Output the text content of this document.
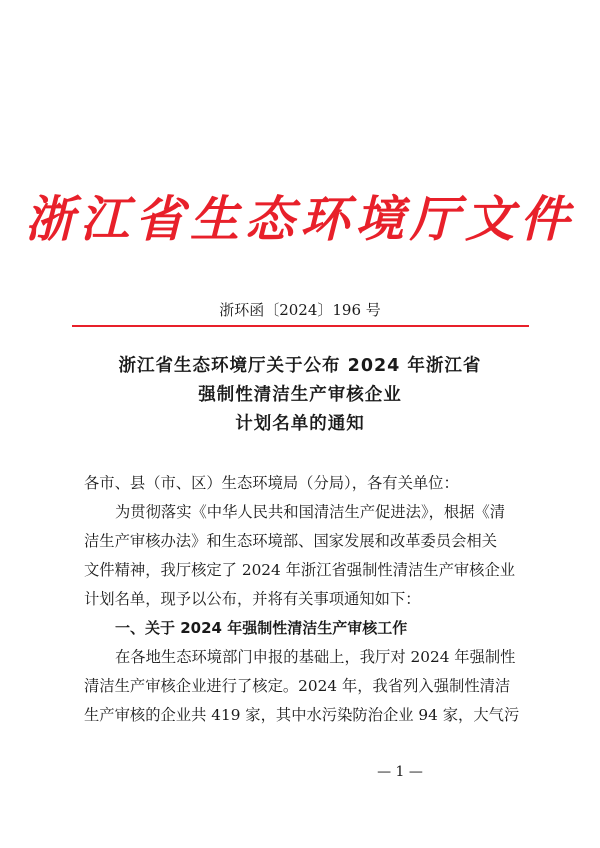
浙江省生态环境厅文件
浙环函〔2024〕196 号
浙江省生态环境厅关于公布 2024 年浙江省
强制性清洁生产审核企业
计划名单的通知
各市、县（市、区）生态环境局（分局），各有关单位：
为贯彻落实《中华人民共和国清洁生产促进法》，根据《清
洁生产审核办法》和生态环境部、国家发展和改革委员会相关
文件精神，我厅核定了 2024 年浙江省强制性清洁生产审核企业
计划名单，现予以公布，并将有关事项通知如下：
一、关于 2024 年强制性清洁生产审核工作
在各地生态环境部门申报的基础上，我厅对 2024 年强制性
清洁生产审核企业进行了核定。2024 年，我省列入强制性清洁
生产审核的企业共 419 家，其中水污染防治企业 94 家，大气污
— 1 —
